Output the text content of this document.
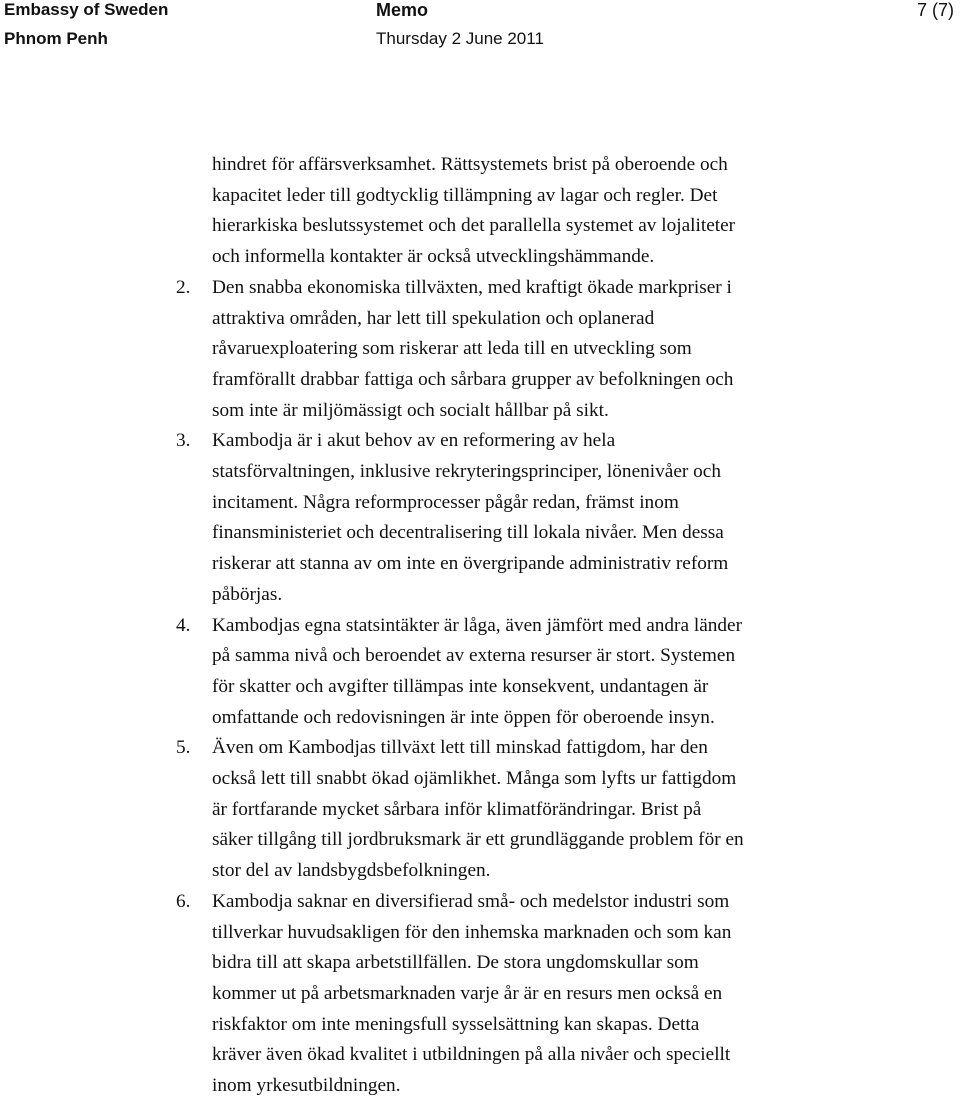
Embassy of Sweden
Phnom Penh
Memo
Thursday 2 June 2011
7 (7)

hindret för affärsverksamhet. Rättsystemets brist på oberoende och
kapacitet leder till godtycklig tillämpning av lagar och regler. Det
hierarkiska beslutssystemet och det parallella systemet av lojaliteter
och informella kontakter är också utvecklingshämmande.

2. Den snabba ekonomiska tillväxten, med kraftigt ökade markpriser i
attraktiva områden, har lett till spekulation och oplanerad
råvaruexploatering som riskerar att leda till en utveckling som
framförallt drabbar fattiga och sårbara grupper av befolkningen och
som inte är miljömässigt och socialt hållbar på sikt.
3. Kambodja är i akut behov av en reformering av hela
statsförvaltningen, inklusive rekryteringsprinciper, lönenivåer och
incitament. Några reformprocesser pågår redan, främst inom
finansministeriet och decentralisering till lokala nivåer. Men dessa
riskerar att stanna av om inte en övergripande administrativ reform
påbörjas.
4. Kambodjas egna statsintäkter är låga, även jämfört med andra länder
på samma nivå och beroendet av externa resurser är stort. Systemen
för skatter och avgifter tillämpas inte konsekvent, undantagen är
omfattande och redovisningen är inte öppen för oberoende insyn.
5. Även om Kambodjas tillväxt lett till minskad fattigdom, har den
också lett till snabbt ökad ojämlikhet. Många som lyfts ur fattigdom
är fortfarande mycket sårbara inför klimatförändringar. Brist på
säker tillgång till jordbruksmark är ett grundläggande problem för en
stor del av landsbygdsbefolkningen.
6. Kambodja saknar en diversifierad små- och medelstor industri som
tillverkar huvudsakligen för den inhemska marknaden och som kan
bidra till att skapa arbetstillfällen. De stora ungdomskullar som
kommer ut på arbetsmarknaden varje år är en resurs men också en
riskfaktor om inte meningsfull sysselsättning kan skapas. Detta
kräver även ökad kvalitet i utbildningen på alla nivåer och speciellt
inom yrkesutbildningen.
